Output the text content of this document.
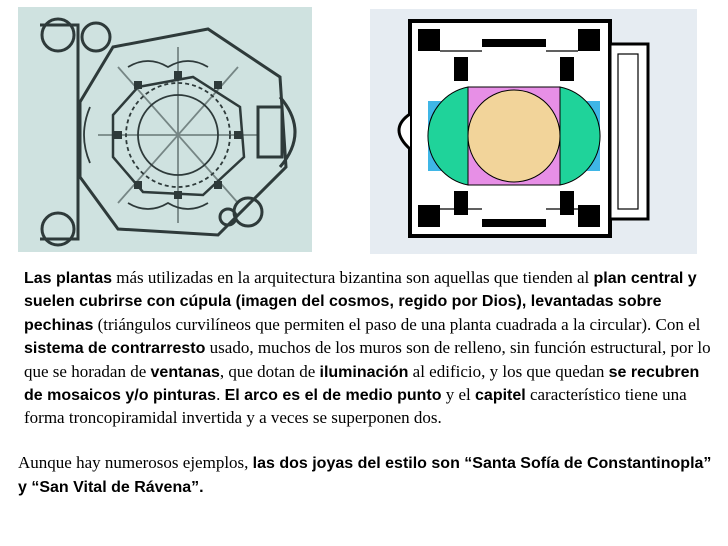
Las plantas más utilizadas en la arquitectura bizantina son aquellas que tienden al plan central y suelen cubrirse con cúpula (imagen del cosmos, regido por Dios), levantadas sobre pechinas (triángulos curvilíneos que permiten el paso de una planta cuadrada a la circular). Con el sistema de contrarresto usado, muchos de los muros son de relleno, sin función estructural, por lo que se horadan de ventanas, que dotan de iluminación al edificio, y los que quedan se recubren de mosaicos y/o pinturas. El arco es el de medio punto y el capitel característico tiene una forma troncopiramidal invertida y a veces se superponen dos.

Aunque hay numerosos ejemplos, las dos joyas del estilo son “Santa Sofía de Constantinopla” y “San Vital de Rávena”.
